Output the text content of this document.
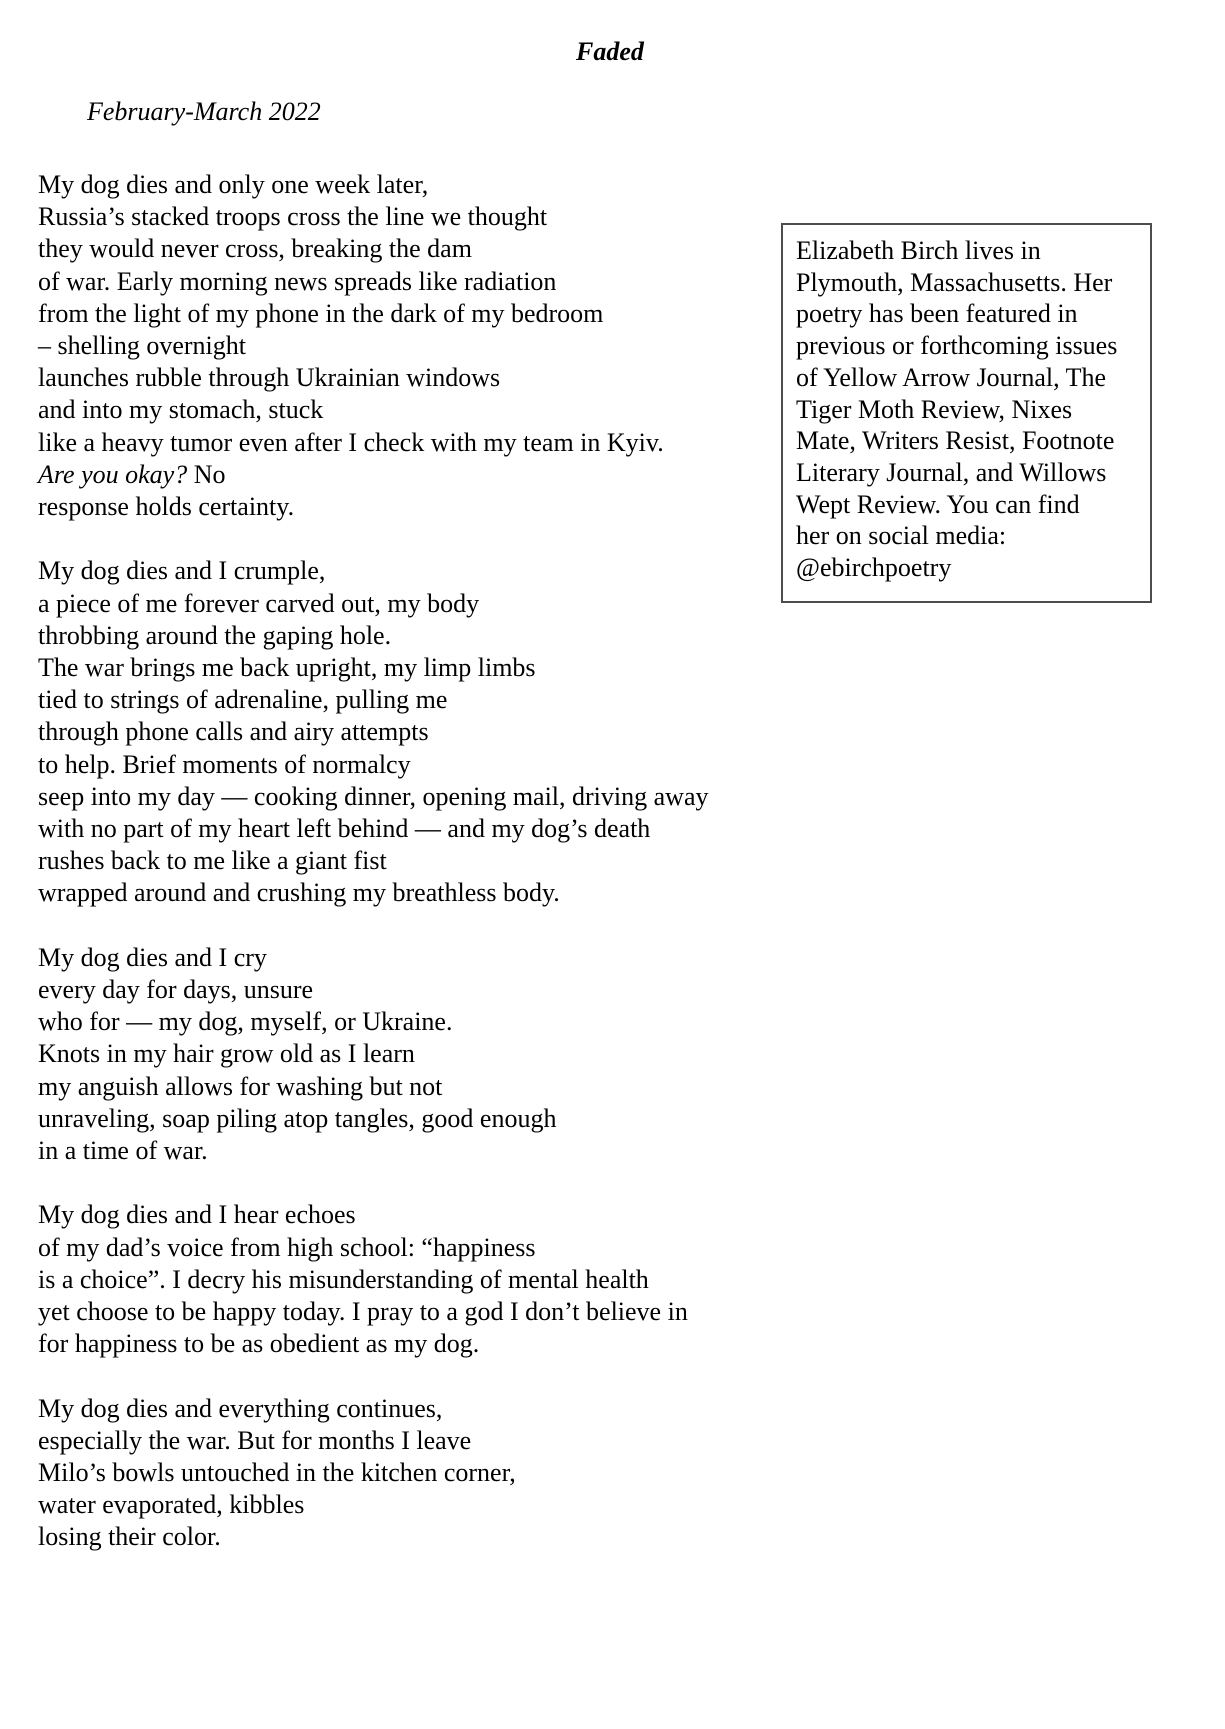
Faded
February-March 2022
My dog dies and only one week later,
Russia’s stacked troops cross the line we thought
they would never cross, breaking the dam
of war. Early morning news spreads like radiation
from the light of my phone in the dark of my bedroom
– shelling overnight
launches rubble through Ukrainian windows
and into my stomach, stuck
like a heavy tumor even after I check with my team in Kyiv.
Are you okay? No
response holds certainty.
My dog dies and I crumple,
a piece of me forever carved out, my body
throbbing around the gaping hole.
The war brings me back upright, my limp limbs
tied to strings of adrenaline, pulling me
through phone calls and airy attempts
to help. Brief moments of normalcy
seep into my day — cooking dinner, opening mail, driving away
with no part of my heart left behind — and my dog’s death
rushes back to me like a giant fist
wrapped around and crushing my breathless body.
My dog dies and I cry
every day for days, unsure
who for — my dog, myself, or Ukraine.
Knots in my hair grow old as I learn
my anguish allows for washing but not
unraveling, soap piling atop tangles, good enough
in a time of war.
My dog dies and I hear echoes
of my dad’s voice from high school: “happiness
is a choice”. I decry his misunderstanding of mental health
yet choose to be happy today. I pray to a god I don’t believe in
for happiness to be as obedient as my dog.
My dog dies and everything continues,
especially the war. But for months I leave
Milo’s bowls untouched in the kitchen corner,
water evaporated, kibbles
losing their color.
Elizabeth Birch lives in
Plymouth, Massachusetts. Her
poetry has been featured in
previous or forthcoming issues
of Yellow Arrow Journal, The
Tiger Moth Review, Nixes
Mate, Writers Resist, Footnote
Literary Journal, and Willows
Wept Review. You can find
her on social media:
@ebirchpoetry
